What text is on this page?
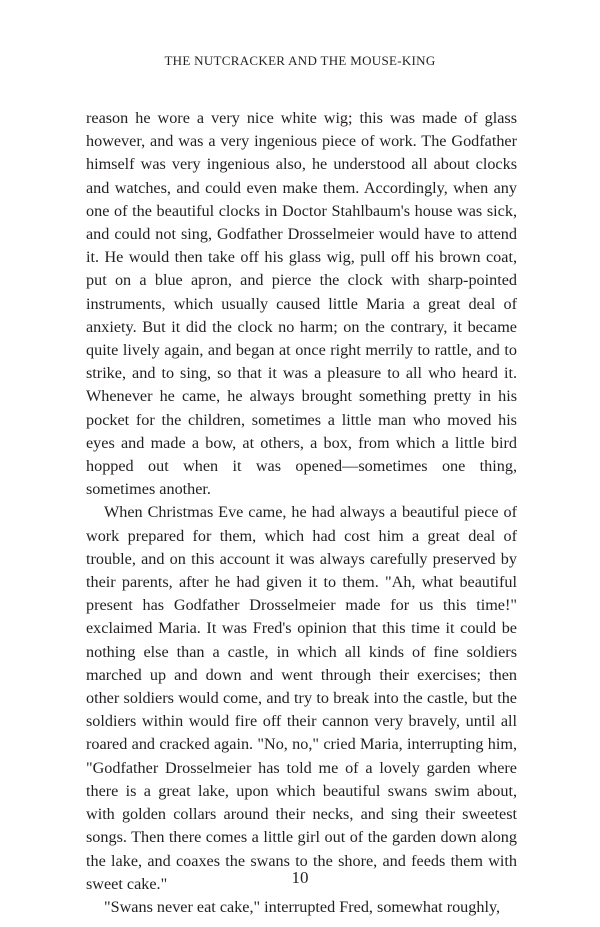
THE NUTCRACKER AND THE MOUSE-KING

reason he wore a very nice white wig; this was made of glass however, and was a very ingenious piece of work. The Godfather himself was very ingenious also, he understood all about clocks and watches, and could even make them. Accordingly, when any one of the beautiful clocks in Doctor Stahlbaum's house was sick, and could not sing, Godfather Drosselmeier would have to attend it. He would then take off his glass wig, pull off his brown coat, put on a blue apron, and pierce the clock with sharp-pointed instruments, which usually caused little Maria a great deal of anxiety. But it did the clock no harm; on the contrary, it became quite lively again, and began at once right merrily to rattle, and to strike, and to sing, so that it was a pleasure to all who heard it. Whenever he came, he always brought something pretty in his pocket for the children, sometimes a little man who moved his eyes and made a bow, at others, a box, from which a little bird hopped out when it was opened—sometimes one thing, sometimes another.

When Christmas Eve came, he had always a beautiful piece of work prepared for them, which had cost him a great deal of trouble, and on this account it was always carefully preserved by their parents, after he had given it to them. "Ah, what beautiful present has Godfather Drosselmeier made for us this time!" exclaimed Maria. It was Fred's opinion that this time it could be nothing else than a castle, in which all kinds of fine soldiers marched up and down and went through their exercises; then other soldiers would come, and try to break into the castle, but the soldiers within would fire off their cannon very bravely, until all roared and cracked again. "No, no," cried Maria, interrupting him, "Godfather Drosselmeier has told me of a lovely garden where there is a great lake, upon which beautiful swans swim about, with golden collars around their necks, and sing their sweetest songs. Then there comes a little girl out of the garden down along the lake, and coaxes the swans to the shore, and feeds them with sweet cake."

"Swans never eat cake," interrupted Fred, somewhat roughly,

10
